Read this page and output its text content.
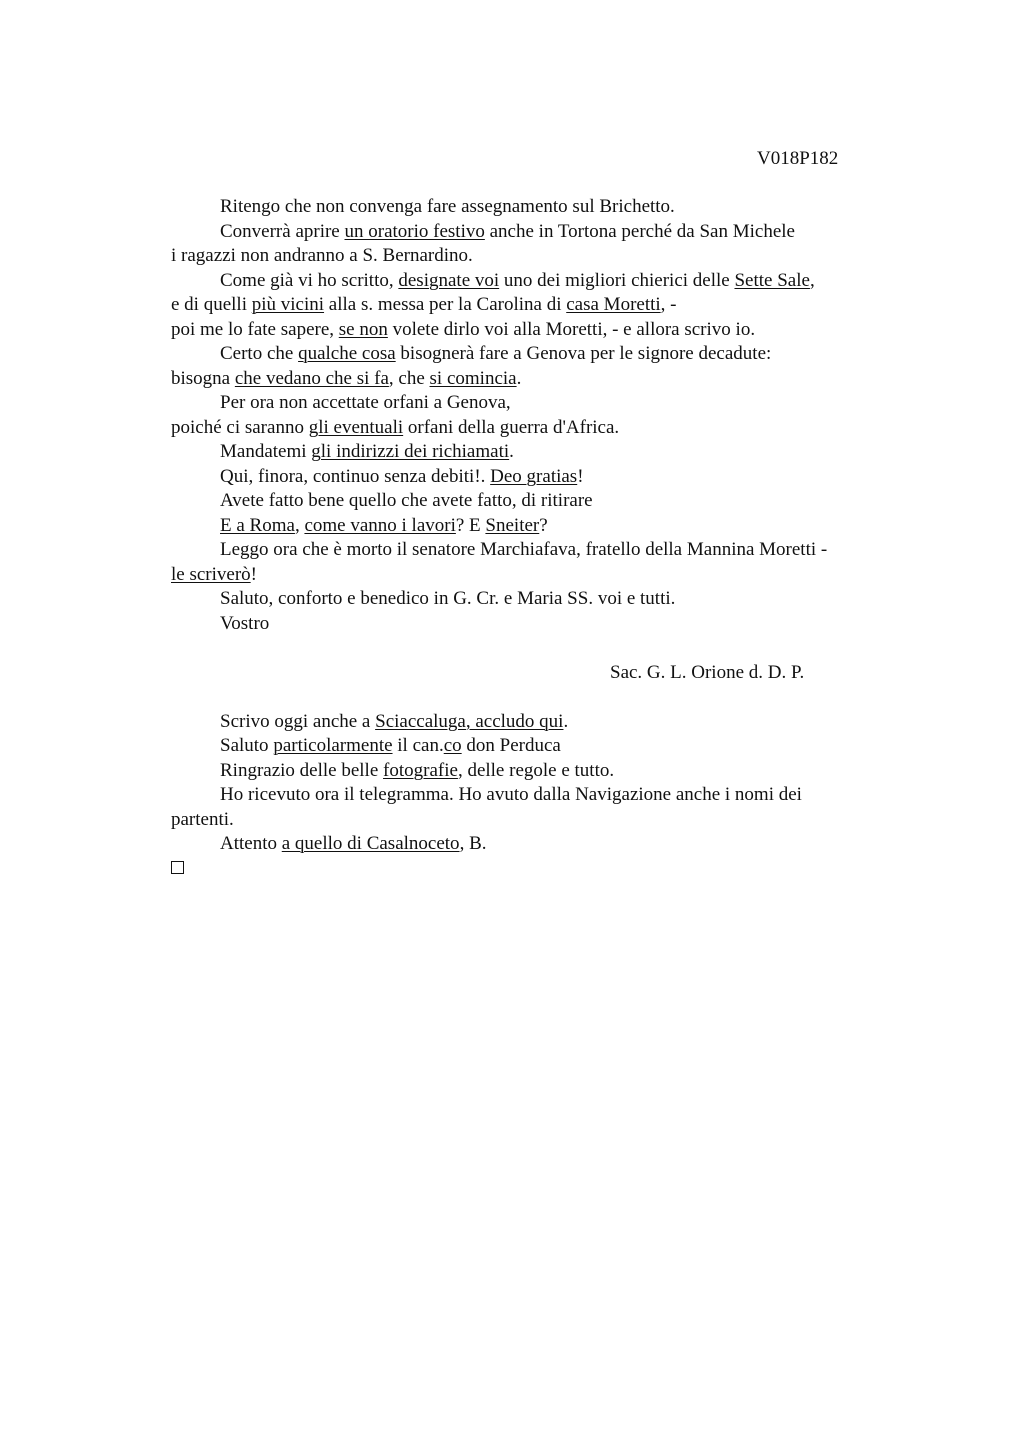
V018P182
Ritengo che non convenga fare assegnamento sul Brichetto.
Converrà aprire un oratorio festivo anche in Tortona perché da San Michele
i ragazzi non andranno a S. Bernardino.
Come già vi ho scritto, designate voi uno dei migliori chierici delle Sette Sale,
e di quelli più vicini alla s. messa per la Carolina di casa Moretti, -
poi me lo fate sapere, se non volete dirlo voi alla Moretti, - e allora scrivo io.
Certo che qualche cosa bisognerà fare a Genova per le signore decadute:
bisogna che vedano che si fa, che si comincia.
Per ora non accettate orfani a Genova,
poiché ci saranno gli eventuali orfani della guerra d'Africa.
Mandatemi gli indirizzi dei richiamati.
Qui, finora, continuo senza debiti!. Deo gratias!
Avete fatto bene quello che avete fatto, di ritirare
E a Roma, come vanno i lavori? E Sneiter?
Leggo ora che è morto il senatore Marchiafava, fratello della Mannina Moretti -
le scriverò!
Saluto, conforto e benedico in G. Cr. e Maria SS. voi e tutti.
Vostro
Sac. G. L. Orione d. D. P.
Scrivo oggi anche a Sciaccaluga, accludo qui.
Saluto particolarmente il can.co don Perduca
Ringrazio delle belle fotografie, delle regole e tutto.
Ho ricevuto ora il telegramma. Ho avuto dalla Navigazione anche i nomi dei
partenti.
Attento a quello di Casalnoceto, B.
